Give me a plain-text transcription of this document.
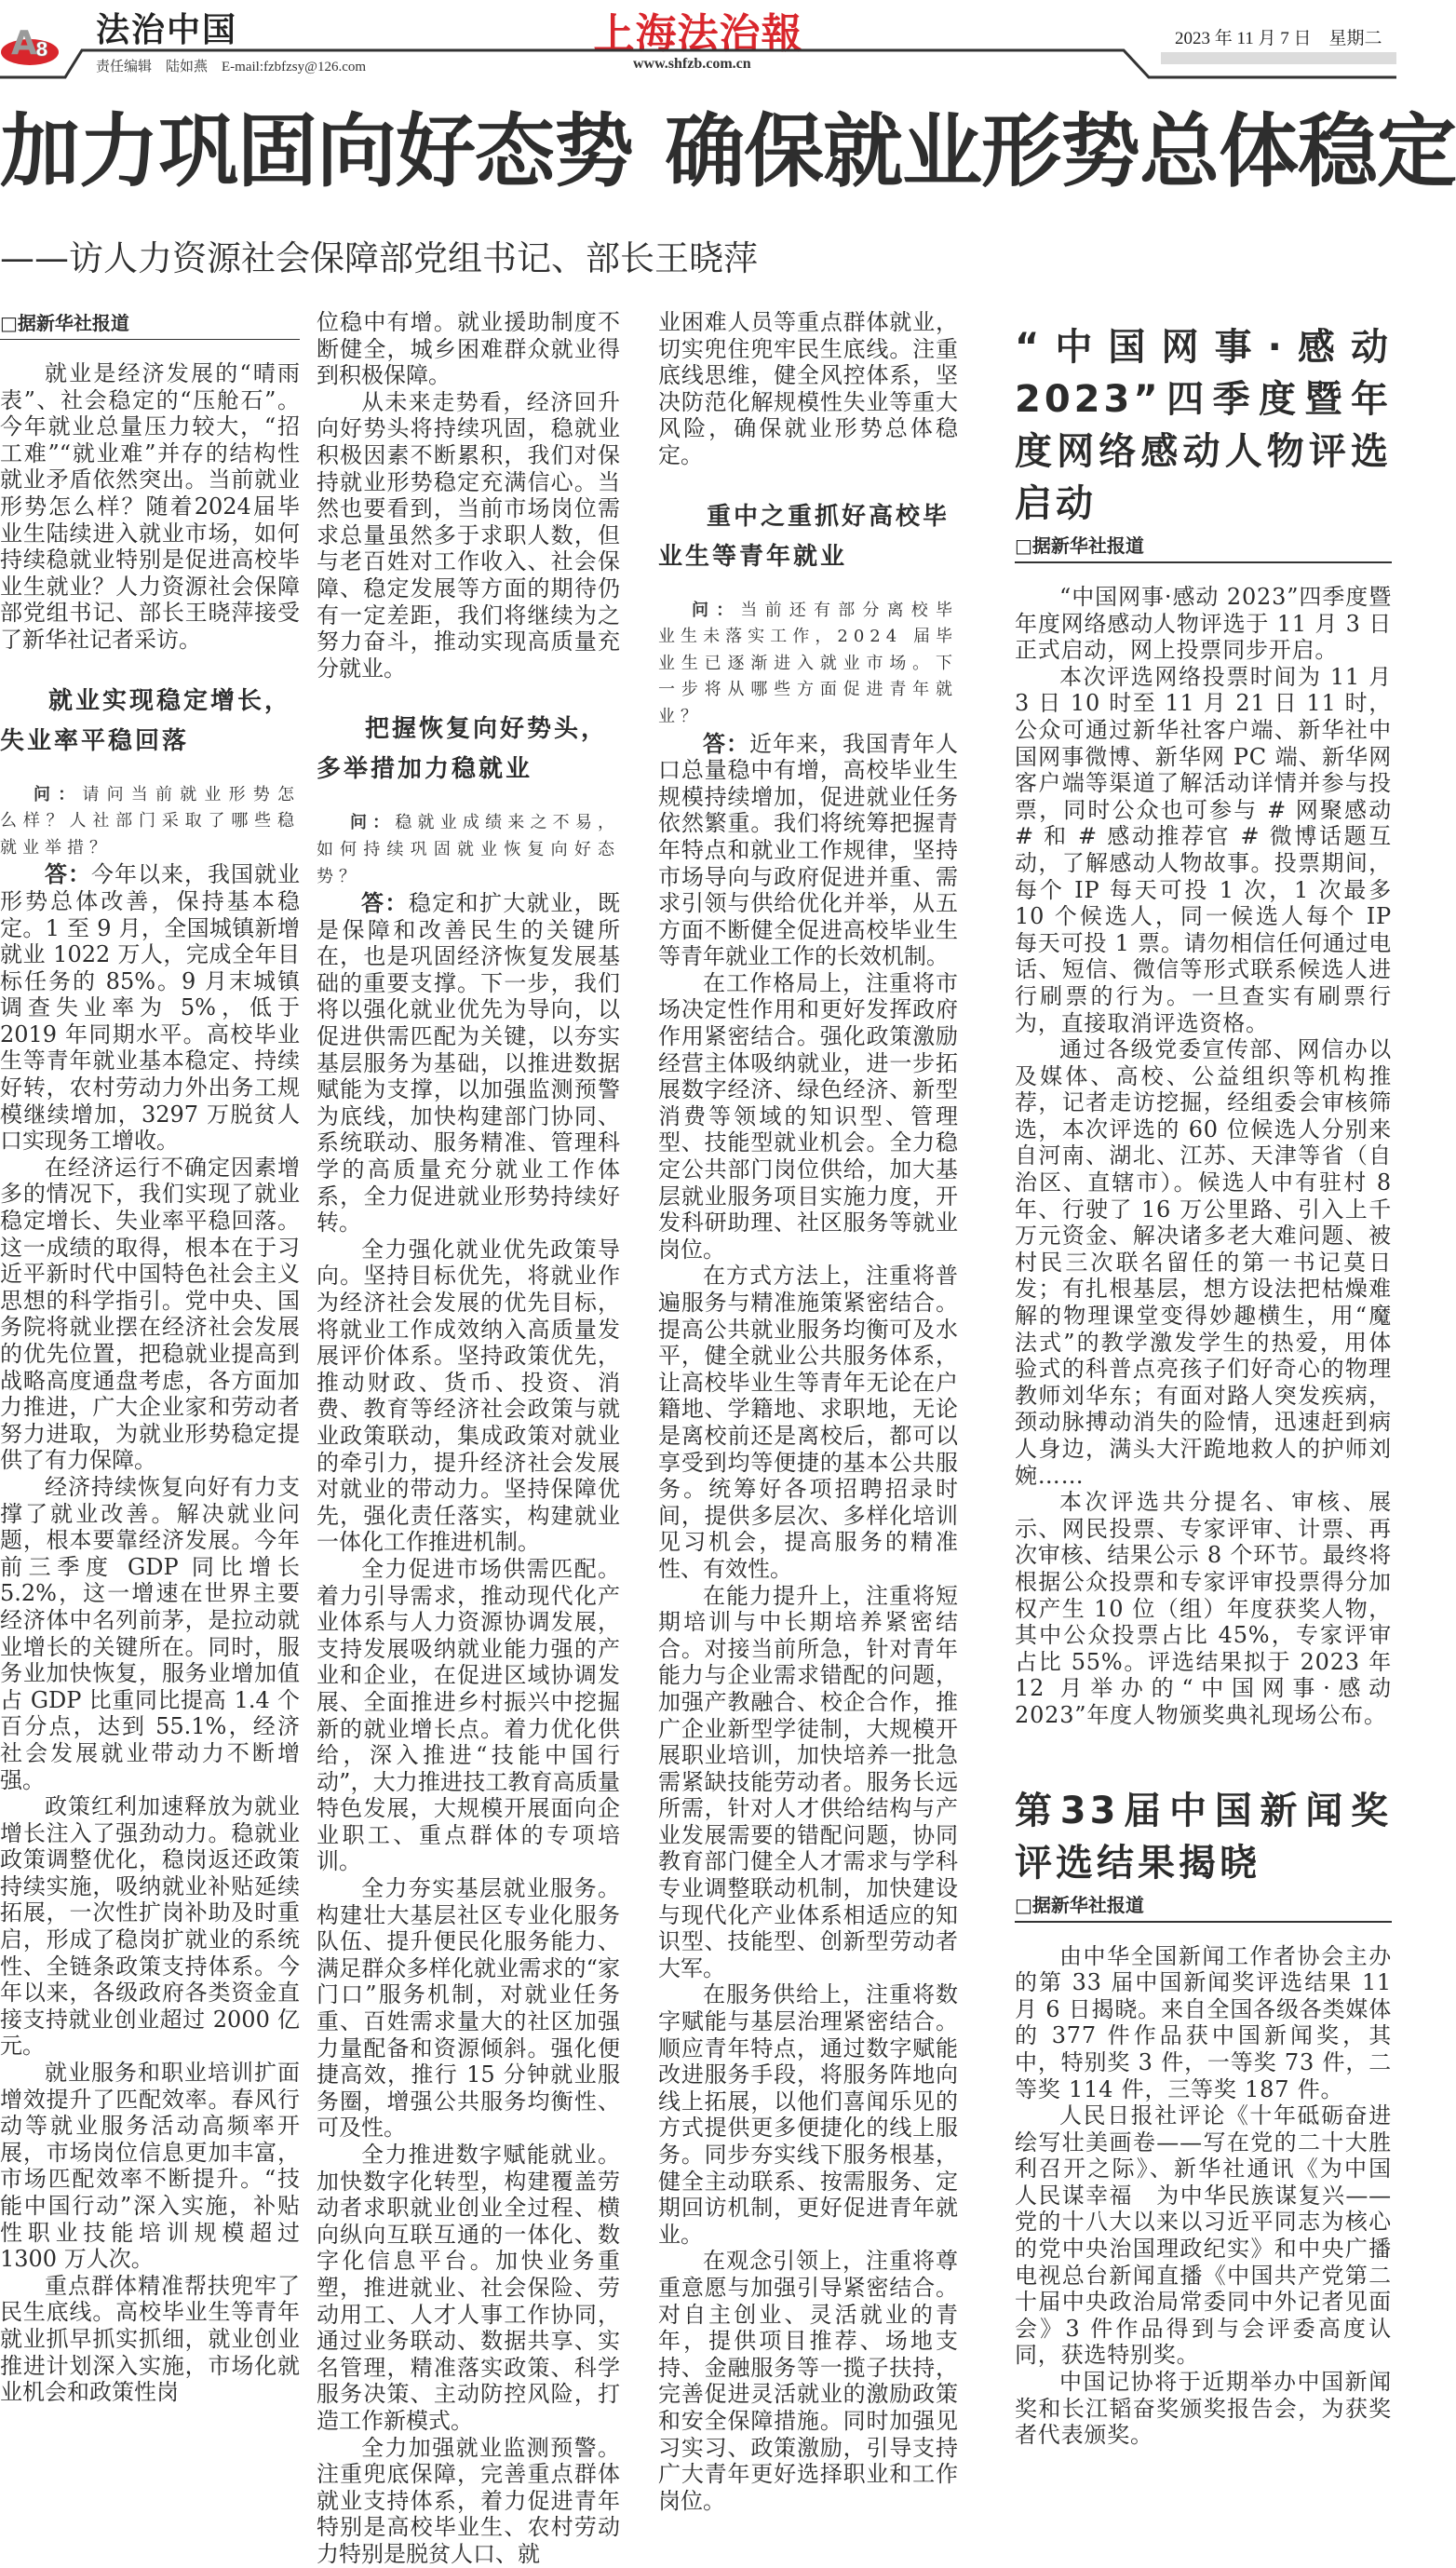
A
8 法治中国	上海法治報	2023 年 11 月 7 日　星期二
责任编辑　陆如燕　E-mail:fzbfzsy@126.com	www.shfzb.com.cn
加力巩固向好态势 确保就业形势总体稳定
——访人力资源社会保障部党组书记、部长王晓萍
□据新华社报道

就业是经济发展的“晴雨表”、社会稳定的“压舱石”。今年就业总量压力较大，“招工难”“就业难”并存的结构性就业矛盾依然突出。当前就业形势怎么样？随着2024届毕业生陆续进入就业市场，如何持续稳就业特别是促进高校毕业生就业？人力资源社会保障部党组书记、部长王晓萍接受了新华社记者采访。

就业实现稳定增长，失业率平稳回落

问：请问当前就业形势怎么样？人社部门采取了哪些稳就业举措？

答：今年以来，我国就业形势总体改善，保持基本稳定。1 至 9 月，全国城镇新增就业 1022 万人，完成全年目标任务的 85%。9 月末城镇调查失业率为 5%，低于 2019 年同期水平。高校毕业生等青年就业基本稳定、持续好转，农村劳动力外出务工规模继续增加，3297 万脱贫人口实现务工增收。

在经济运行不确定因素增多的情况下，我们实现了就业稳定增长、失业率平稳回落。这一成绩的取得，根本在于习近平新时代中国特色社会主义思想的科学指引。党中央、国务院将就业摆在经济社会发展的优先位置，把稳就业提高到战略高度通盘考虑，各方面加力推进，广大企业家和劳动者努力进取，为就业形势稳定提供了有力保障。

经济持续恢复向好有力支撑了就业改善。解决就业问题，根本要靠经济发展。今年前三季度 GDP 同比增长 5.2%，这一增速在世界主要经济体中名列前茅，是拉动就业增长的关键所在。同时，服务业加快恢复，服务业增加值占 GDP 比重同比提高 1.4 个百分点，达到 55.1%，经济社会发展就业带动力不断增强。

政策红利加速释放为就业增长注入了强劲动力。稳就业政策调整优化，稳岗返还政策持续实施，吸纳就业补贴延续拓展，一次性扩岗补助及时重启，形成了稳岗扩就业的系统性、全链条政策支持体系。今年以来，各级政府各类资金直接支持就业创业超过 2000 亿元。

就业服务和职业培训扩面增效提升了匹配效率。春风行动等就业服务活动高频率开展，市场岗位信息更加丰富，市场匹配效率不断提升。“技能中国行动”深入实施，补贴性职业技能培训规模超过 1300 万人次。

重点群体精准帮扶兜牢了民生底线。高校毕业生等青年就业抓早抓实抓细，就业创业推进计划深入实施，市场化就业机会和政策性岗

位稳中有增。就业援助制度不断健全，城乡困难群众就业得到积极保障。

从未来走势看，经济回升向好势头将持续巩固，稳就业积极因素不断累积，我们对保持就业形势稳定充满信心。当然也要看到，当前市场岗位需求总量虽然多于求职人数，但与老百姓对工作收入、社会保障、稳定发展等方面的期待仍有一定差距，我们将继续为之努力奋斗，推动实现高质量充分就业。

把握恢复向好势头，多举措加力稳就业

问：稳就业成绩来之不易，如何持续巩固就业恢复向好态势？

答：稳定和扩大就业，既是保障和改善民生的关键所在，也是巩固经济恢复发展基础的重要支撑。下一步，我们将以强化就业优先为导向，以促进供需匹配为关键，以夯实基层服务为基础，以推进数据赋能为支撑，以加强监测预警为底线，加快构建部门协同、系统联动、服务精准、管理科学的高质量充分就业工作体系，全力促进就业形势持续好转。

全力强化就业优先政策导向。坚持目标优先，将就业作为经济社会发展的优先目标，将就业工作成效纳入高质量发展评价体系。坚持政策优先，推动财政、货币、投资、消费、教育等经济社会政策与就业政策联动，集成政策对就业的牵引力，提升经济社会发展对就业的带动力。坚持保障优先，强化责任落实，构建就业一体化工作推进机制。

全力促进市场供需匹配。着力引导需求，推动现代化产业体系与人力资源协调发展，支持发展吸纳就业能力强的产业和企业，在促进区域协调发展、全面推进乡村振兴中挖掘新的就业增长点。着力优化供给，深入推进“技能中国行动”，大力推进技工教育高质量特色发展，大规模开展面向企业职工、重点群体的专项培训。

全力夯实基层就业服务。构建壮大基层社区专业化服务队伍、提升便民化服务能力、满足群众多样化就业需求的“家门口”服务机制，对就业任务重、百姓需求量大的社区加强力量配备和资源倾斜。强化便捷高效，推行 15 分钟就业服务圈，增强公共服务均衡性、可及性。

全力推进数字赋能就业。加快数字化转型，构建覆盖劳动者求职就业创业全过程、横向纵向互联互通的一体化、数字化信息平台。加快业务重塑，推进就业、社会保险、劳动用工、人才人事工作协同，通过业务联动、数据共享、实名管理，精准落实政策、科学服务决策、主动防控风险，打造工作新模式。

全力加强就业监测预警。注重兜底保障，完善重点群体就业支持体系，着力促进青年特别是高校毕业生、农村劳动力特别是脱贫人口、就

业困难人员等重点群体就业，切实兜住兜牢民生底线。注重底线思维，健全风控体系，坚决防范化解规模性失业等重大风险，确保就业形势总体稳定。

重中之重抓好高校毕业生等青年就业

问：当前还有部分离校毕业生未落实工作，2024 届毕业生已逐渐进入就业市场。下一步将从哪些方面促进青年就业？

答：近年来，我国青年人口总量稳中有增，高校毕业生规模持续增加，促进就业任务依然繁重。我们将统筹把握青年特点和就业工作规律，坚持市场导向与政府促进并重、需求引领与供给优化并举，从五方面不断健全促进高校毕业生等青年就业工作的长效机制。

在工作格局上，注重将市场决定性作用和更好发挥政府作用紧密结合。强化政策激励经营主体吸纳就业，进一步拓展数字经济、绿色经济、新型消费等领域的知识型、管理型、技能型就业机会。全力稳定公共部门岗位供给，加大基层就业服务项目实施力度，开发科研助理、社区服务等就业岗位。

在方式方法上，注重将普遍服务与精准施策紧密结合。提高公共就业服务均衡可及水平，健全就业公共服务体系，让高校毕业生等青年无论在户籍地、学籍地、求职地，无论是离校前还是离校后，都可以享受到均等便捷的基本公共服务。统筹好各项招聘招录时间，提供多层次、多样化培训见习机会，提高服务的精准性、有效性。

在能力提升上，注重将短期培训与中长期培养紧密结合。对接当前所急，针对青年能力与企业需求错配的问题，加强产教融合、校企合作，推广企业新型学徒制，大规模开展职业培训，加快培养一批急需紧缺技能劳动者。服务长远所需，针对人才供给结构与产业发展需要的错配问题，协同教育部门健全人才需求与学科专业调整联动机制，加快建设与现代化产业体系相适应的知识型、技能型、创新型劳动者大军。

在服务供给上，注重将数字赋能与基层治理紧密结合。顺应青年特点，通过数字赋能改进服务手段，将服务阵地向线上拓展，以他们喜闻乐见的方式提供更多便捷化的线上服务。同步夯实线下服务根基，健全主动联系、按需服务、定期回访机制，更好促进青年就业。

在观念引领上，注重将尊重意愿与加强引导紧密结合。对自主创业、灵活就业的青年，提供项目推荐、场地支持、金融服务等一揽子扶持，完善促进灵活就业的激励政策和安全保障措施。同时加强见习实习、政策激励，引导支持广大青年更好选择职业和工作岗位。

“中国网事·感动2023”四季度暨年度网络感动人物评选启动
□据新华社报道

“中国网事·感动 2023”四季度暨年度网络感动人物评选于 11 月 3 日正式启动，网上投票同步开启。

本次评选网络投票时间为 11 月 3 日 10 时至 11 月 21 日 11 时，公众可通过新华社客户端、新华社中国网事微博、新华网 PC 端、新华网客户端等渠道了解活动详情并参与投票，同时公众也可参与 # 网聚感动 # 和 # 感动推荐官 # 微博话题互动，了解感动人物故事。投票期间，每个 IP 每天可投 1 次，1 次最多 10 个候选人，同一候选人每个 IP 每天可投 1 票。请勿相信任何通过电话、短信、微信等形式联系候选人进行刷票的行为。一旦查实有刷票行为，直接取消评选资格。

通过各级党委宣传部、网信办以及媒体、高校、公益组织等机构推荐，记者走访挖掘，经组委会审核筛选，本次评选的 60 位候选人分别来自河南、湖北、江苏、天津等省（自治区、直辖市）。候选人中有驻村 8 年、行驶了 16 万公里路、引入上千万元资金、解决诸多老大难问题、被村民三次联名留任的第一书记莫日发；有扎根基层，想方设法把枯燥难解的物理课堂变得妙趣横生，用“魔法式”的教学激发学生的热爱，用体验式的科普点亮孩子们好奇心的物理教师刘华东；有面对路人突发疾病，颈动脉搏动消失的险情，迅速赶到病人身边，满头大汗跪地救人的护师刘婉……

本次评选共分提名、审核、展示、网民投票、专家评审、计票、再次审核、结果公示 8 个环节。最终将根据公众投票和专家评审投票得分加权产生 10 位（组）年度获奖人物，其中公众投票占比 45%，专家评审占比 55%。评选结果拟于 2023 年 12 月举办的“中国网事·感动 2023”年度人物颁奖典礼现场公布。

第33届中国新闻奖评选结果揭晓
□据新华社报道

由中华全国新闻工作者协会主办的第 33 届中国新闻奖评选结果 11 月 6 日揭晓。来自全国各级各类媒体的 377 件作品获中国新闻奖，其中，特别奖 3 件，一等奖 73 件，二等奖 114 件，三等奖 187 件。

人民日报社评论《十年砥砺奋进　绘写壮美画卷——写在党的二十大胜利召开之际》、新华社通讯《为中国人民谋幸福　为中华民族谋复兴——党的十八大以来以习近平同志为核心的党中央治国理政纪实》和中央广播电视总台新闻直播《中国共产党第二十届中央政治局常委同中外记者见面会》3 件作品得到与会评委高度认同，获选特别奖。

中国记协将于近期举办中国新闻奖和长江韬奋奖颁奖报告会，为获奖者代表颁奖。
